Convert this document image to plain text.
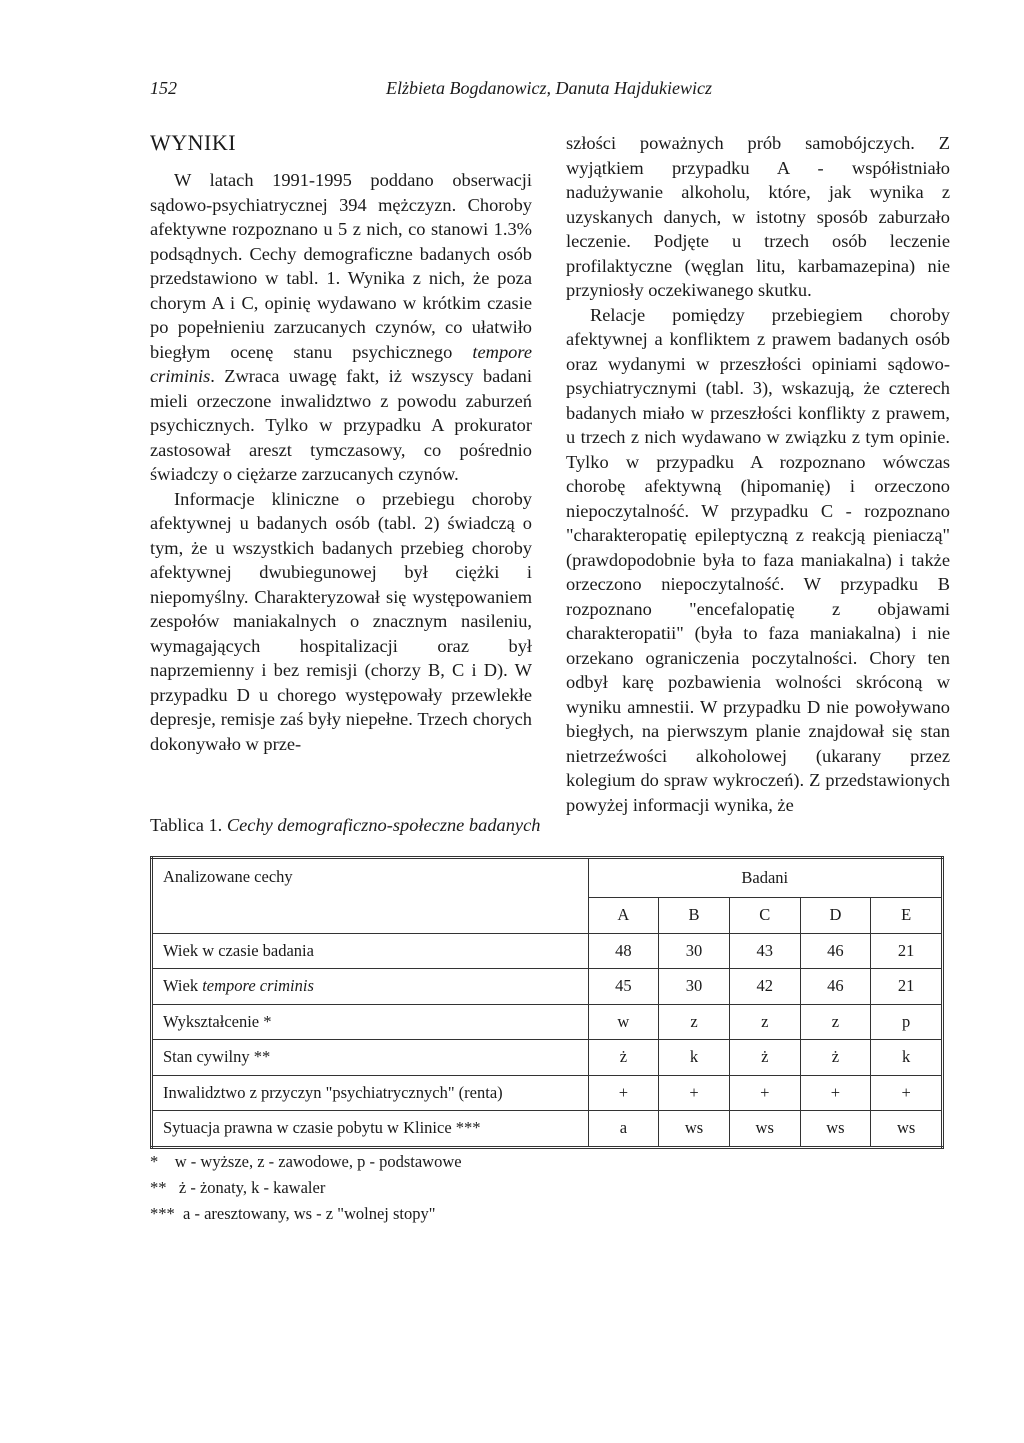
152	Elżbieta Bogdanowicz, Danuta Hajdukiewicz
WYNIKI

W latach 1991-1995 poddano obserwacji sądowo-psychiatrycznej 394 mężczyzn. Choroby afektywne rozpoznano u 5 z nich, co stanowi 1.3% podsądnych. Cechy demograficzne badanych osób przedstawiono w tabl. 1. Wynika z nich, że poza chorym A i C, opinię wydawano w krótkim czasie po popełnieniu zarzucanych czynów, co ułatwiło biegłym ocenę stanu psychicznego tempore criminis. Zwraca uwagę fakt, iż wszyscy badani mieli orzeczone inwalidztwo z powodu zaburzeń psychicznych. Tylko w przypadku A prokurator zastosował areszt tymczasowy, co pośrednio świadczy o ciężarze zarzucanych czynów.

Informacje kliniczne o przebiegu choroby afektywnej u badanych osób (tabl. 2) świadczą o tym, że u wszystkich badanych przebieg choroby afektywnej dwubiegunowej był ciężki i niepomyślny. Charakteryzował się występowaniem zespołów maniakalnych o znacznym nasileniu, wymagających hospitalizacji oraz był naprzemienny i bez remisji (chorzy B, C i D). W przypadku D u chorego występowały przewlekłe depresje, remisje zaś były niepełne. Trzech chorych dokonywało w prze-

szłości poważnych prób samobójczych. Z wyjątkiem przypadku A - współistniało nadużywanie alkoholu, które, jak wynika z uzyskanych danych, w istotny sposób zaburzało leczenie. Podjęte u trzech osób leczenie profilaktyczne (węglan litu, karbamazepina) nie przyniosły oczekiwanego skutku.

Relacje pomiędzy przebiegiem choroby afektywnej a konfliktem z prawem badanych osób oraz wydanymi w przeszłości opiniami sądowo-psychiatrycznymi (tabl. 3), wskazują, że czterech badanych miało w przeszłości konflikty z prawem, u trzech z nich wydawano w związku z tym opinie. Tylko w przypadku A rozpoznano wówczas chorobę afektywną (hipomanię) i orzeczono niepoczytalność. W przypadku C - rozpoznano "charakteropatię epileptyczną z reakcją pieniaczą" (prawdopodobnie była to faza maniakalna) i także orzeczono niepoczytalność. W przypadku B rozpoznano "encefalopatię z objawami charakteropatii" (była to faza maniakalna) i nie orzekano ograniczenia poczytalności. Chory ten odbył karę pozbawienia wolności skróconą w wyniku amnestii. W przypadku D nie powoływano biegłych, na pierwszym planie znajdował się stan nietrzeźwości alkoholowej (ukarany przez kolegium do spraw wykroczeń). Z przedstawionych powyżej informacji wynika, że

Tablica 1. Cechy demograficzno-społeczne badanych
Analizowane cechy	Badani				
	A	B	C	D	E
Wiek w czasie badania	48	30	43	46	21
Wiek tempore criminis	45	30	42	46	21
Wykształcenie *	w	z	z	z	p
Stan cywilny **	ż	k	ż	ż	k
Inwalidztwo z przyczyn "psychiatrycznych" (renta)	+	+	+	+	+
Sytuacja prawna w czasie pobytu w Klinice ***	a	ws	ws	ws	ws
*    w - wyższe, z - zawodowe, p - podstawowe
**   ż - żonaty, k - kawaler
***  a - aresztowany, ws - z "wolnej stopy"
